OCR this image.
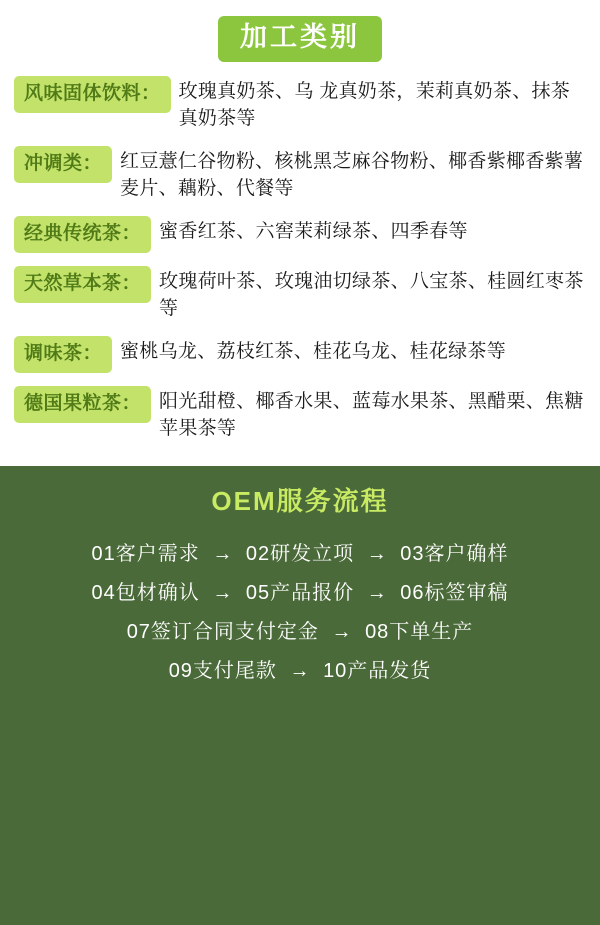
加工类别
风味固体饮料： 玫瑰真奶茶、乌 龙真奶茶，茉莉真奶茶、抹茶真奶茶等
冲调类： 红豆薏仁谷物粉、核桃黑芝麻谷物粉、椰香紫椰香紫薯麦片、藕粉、代餐等
经典传统茶： 蜜香红茶、六窖茉莉绿茶、四季春等
天然草本茶： 玫瑰荷叶茶、玫瑰油切绿茶、八宝茶、桂圆红枣茶等
调味茶： 蜜桃乌龙、荔枝红茶、桂花乌龙、桂花绿茶等
德国果粒茶： 阳光甜橙、椰香水果、蓝莓水果茶、黑醋栗、焦糖苹果茶等
OEM服务流程
01客户需求 → 02研发立项 → 03客户确样
04包材确认 → 05产品报价 → 06标签审稿
07签订合同支付定金 → 08下单生产
09支付尾款 → 10产品发货
